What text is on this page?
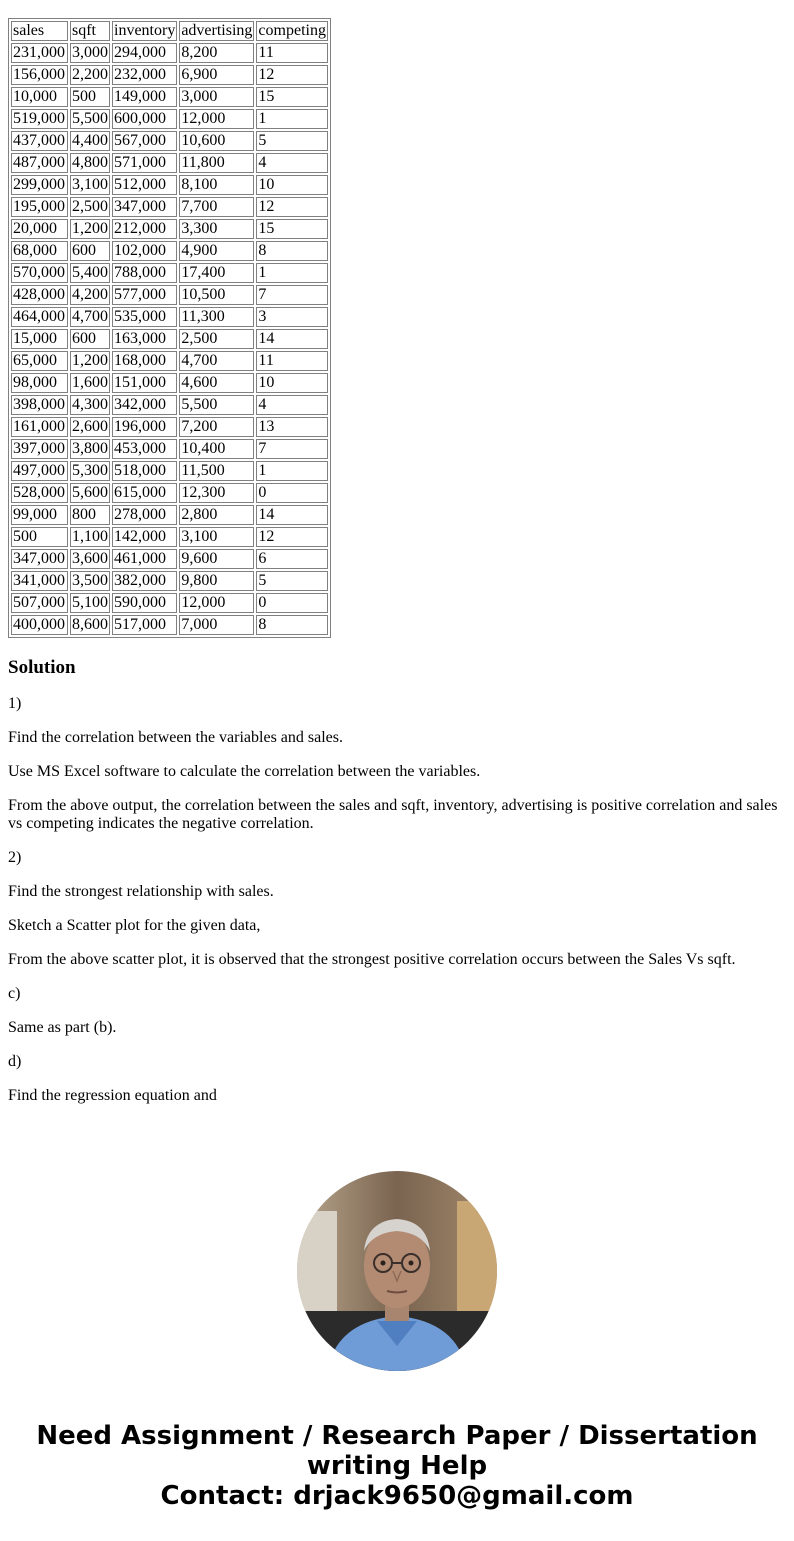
sales	sqft	inventory	advertising	competing
231,000	3,000	294,000	8,200	11
156,000	2,200	232,000	6,900	12
10,000	500	149,000	3,000	15
519,000	5,500	600,000	12,000	1
437,000	4,400	567,000	10,600	5
487,000	4,800	571,000	11,800	4
299,000	3,100	512,000	8,100	10
195,000	2,500	347,000	7,700	12
20,000	1,200	212,000	3,300	15
68,000	600	102,000	4,900	8
570,000	5,400	788,000	17,400	1
428,000	4,200	577,000	10,500	7
464,000	4,700	535,000	11,300	3
15,000	600	163,000	2,500	14
65,000	1,200	168,000	4,700	11
98,000	1,600	151,000	4,600	10
398,000	4,300	342,000	5,500	4
161,000	2,600	196,000	7,200	13
397,000	3,800	453,000	10,400	7
497,000	5,300	518,000	11,500	1
528,000	5,600	615,000	12,300	0
99,000	800	278,000	2,800	14
500	1,100	142,000	3,100	12
347,000	3,600	461,000	9,600	6
341,000	3,500	382,000	9,800	5
507,000	5,100	590,000	12,000	0
400,000	8,600	517,000	7,000	8
Solution

1)

Find the correlation between the variables and sales.

Use MS Excel software to calculate the correlation between the variables.

From the above output, the correlation between the sales and sqft, inventory, advertising is positive correlation and sales vs competing indicates the negative correlation.

2)

Find the strongest relationship with sales.

Sketch a Scatter plot for the given data,

From the above scatter plot, it is observed that the strongest positive correlation occurs between the Sales Vs sqft.

c)

Same as part (b).

d)

Find the regression equation and

Need Assignment / Research Paper / Dissertation
writing Help
Contact: drjack9650@gmail.com
